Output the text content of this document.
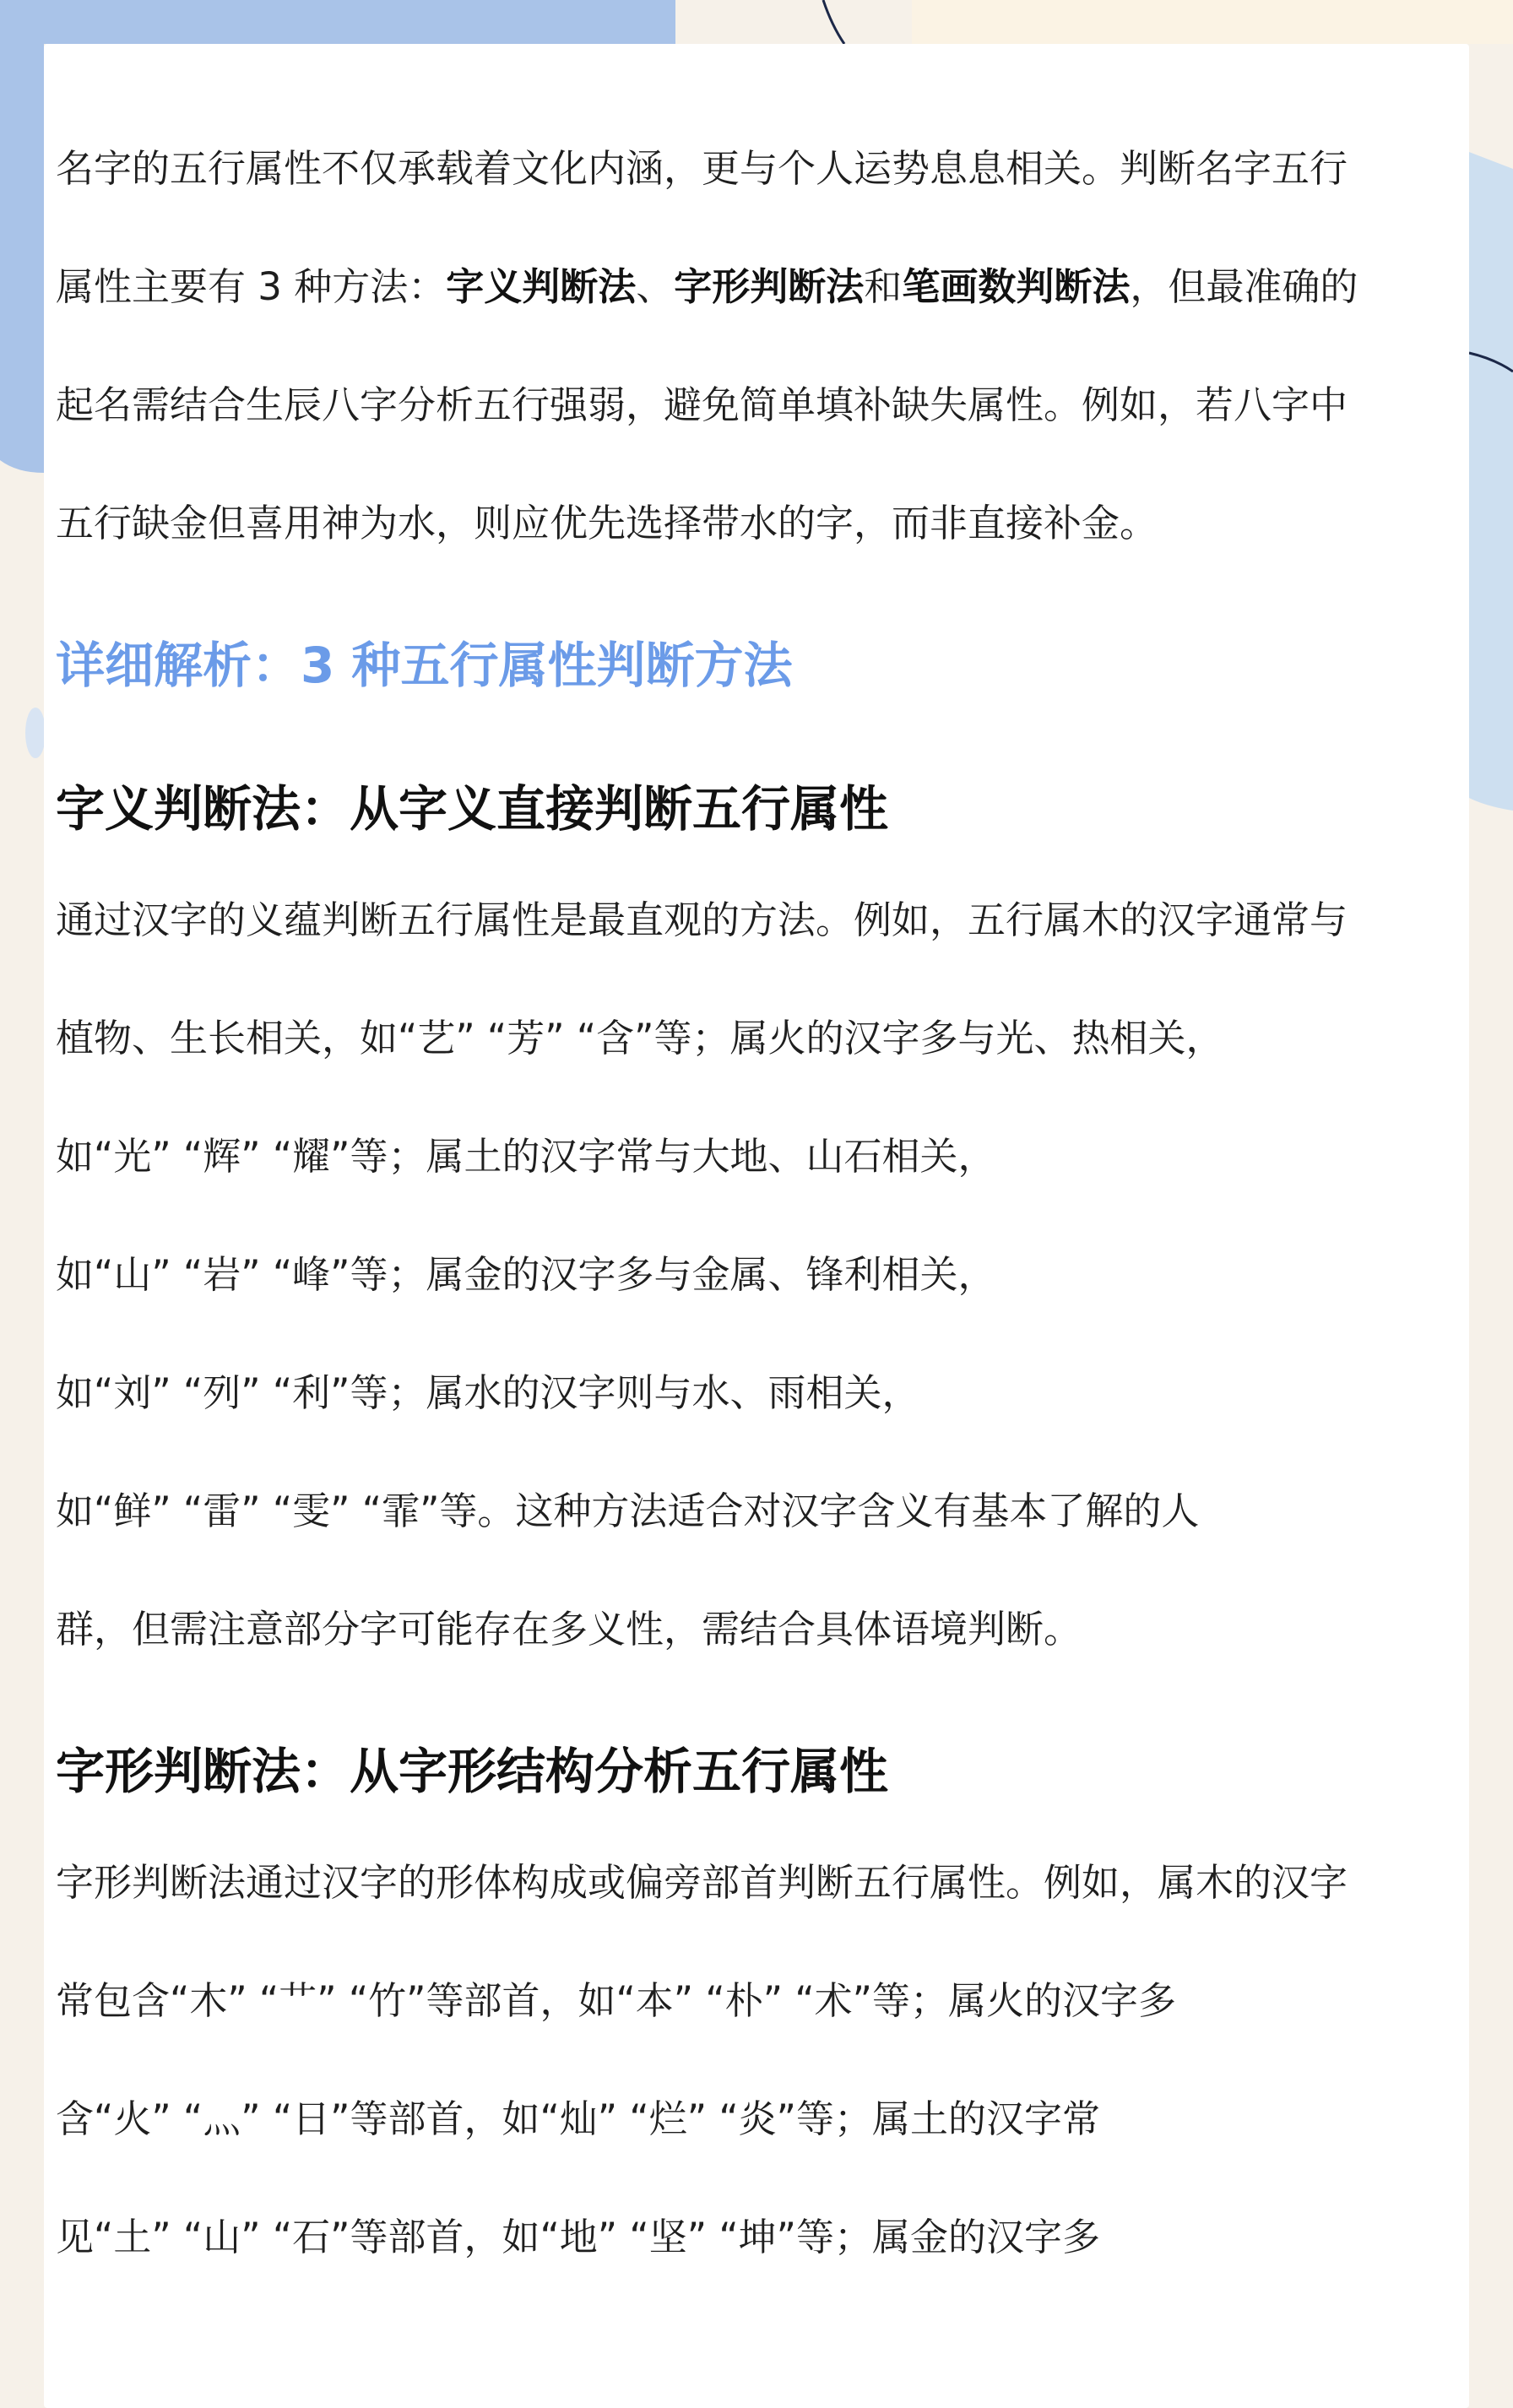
名字的五行属性不仅承载着文化内涵，更与个人运势息息相关。判断名字五行
属性主要有 3 种方法：字义判断法、字形判断法和笔画数判断法，但最准确的
起名需结合生辰八字分析五行强弱，避免简单填补缺失属性。例如，若八字中
五行缺金但喜用神为水，则应优先选择带水的字，而非直接补金。

详细解析：3 种五行属性判断方法
字义判断法：从字义直接判断五行属性

通过汉字的义蕴判断五行属性是最直观的方法。例如，五行属木的汉字通常与
植物、生长相关，如“艺” “芳” “含”等；属火的汉字多与光、热相关，
如“光” “辉” “耀”等；属土的汉字常与大地、山石相关，
如“山” “岩” “峰”等；属金的汉字多与金属、锋利相关，
如“刘” “列” “利”等；属水的汉字则与水、雨相关，
如“鲜” “雷” “雯” “霏”等。这种方法适合对汉字含义有基本了解的人
群，但需注意部分字可能存在多义性，需结合具体语境判断。

字形判断法：从字形结构分析五行属性

字形判断法通过汉字的形体构成或偏旁部首判断五行属性。例如，属木的汉字
常包含“木” “艹” “竹”等部首，如“本” “朴” “术”等；属火的汉字多
含“火” “灬” “日”等部首，如“灿” “烂” “炎”等；属土的汉字常
见“土” “山” “石”等部首，如“地” “坚” “坤”等；属金的汉字多
